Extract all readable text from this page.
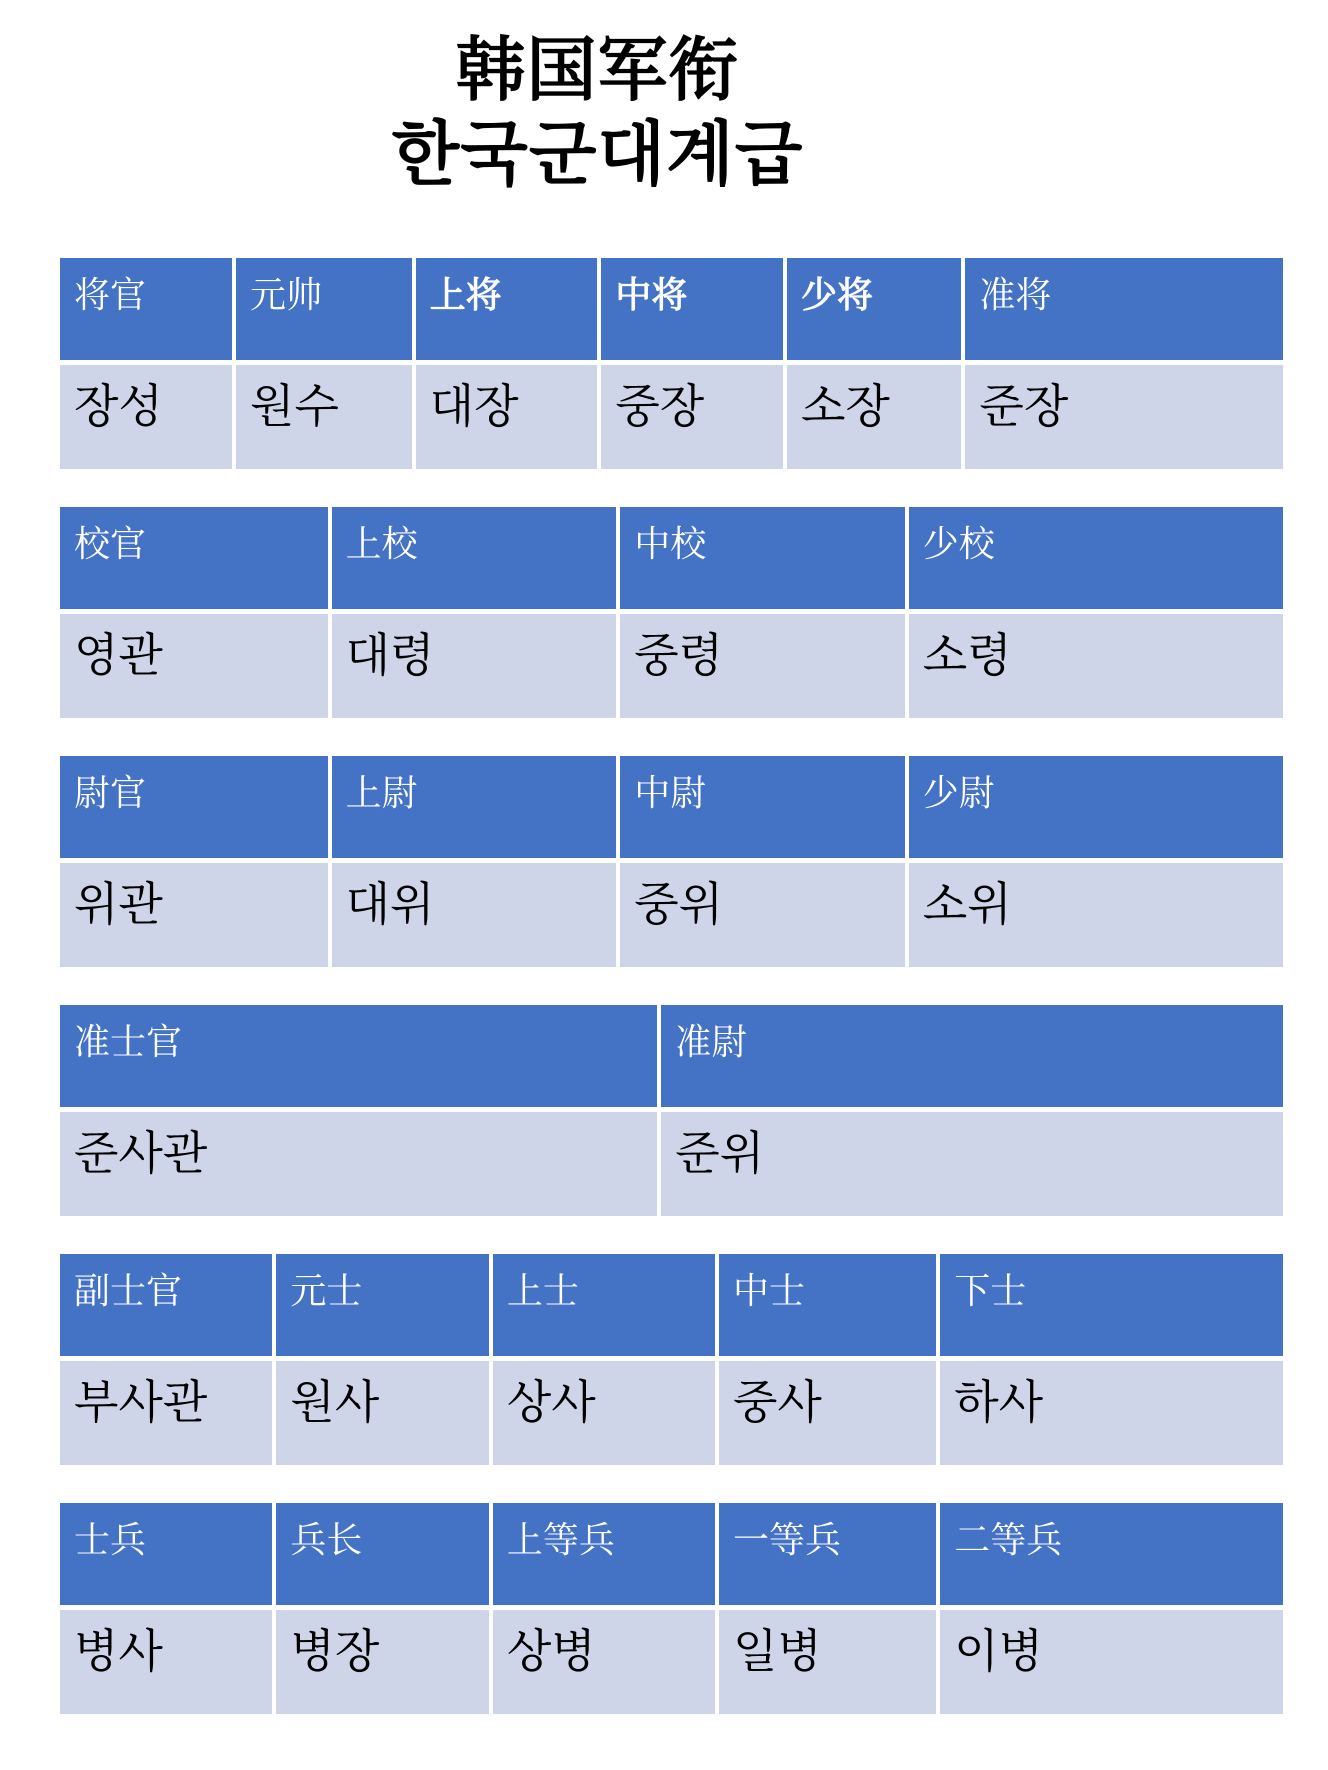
韩国军衔
한국군대계급
将官	元帅	上将	中将	少将	准将
장성	원수	대장	중장	소장	준장
校官	上校	中校	少校
영관	대령	중령	소령
尉官	上尉	中尉	少尉
위관	대위	중위	소위
准士官	准尉
준사관	준위
副士官	元士	上士	中士	下士
부사관	원사	상사	중사	하사
士兵	兵长	上等兵	一等兵	二等兵
병사	병장	상병	일병	이병
